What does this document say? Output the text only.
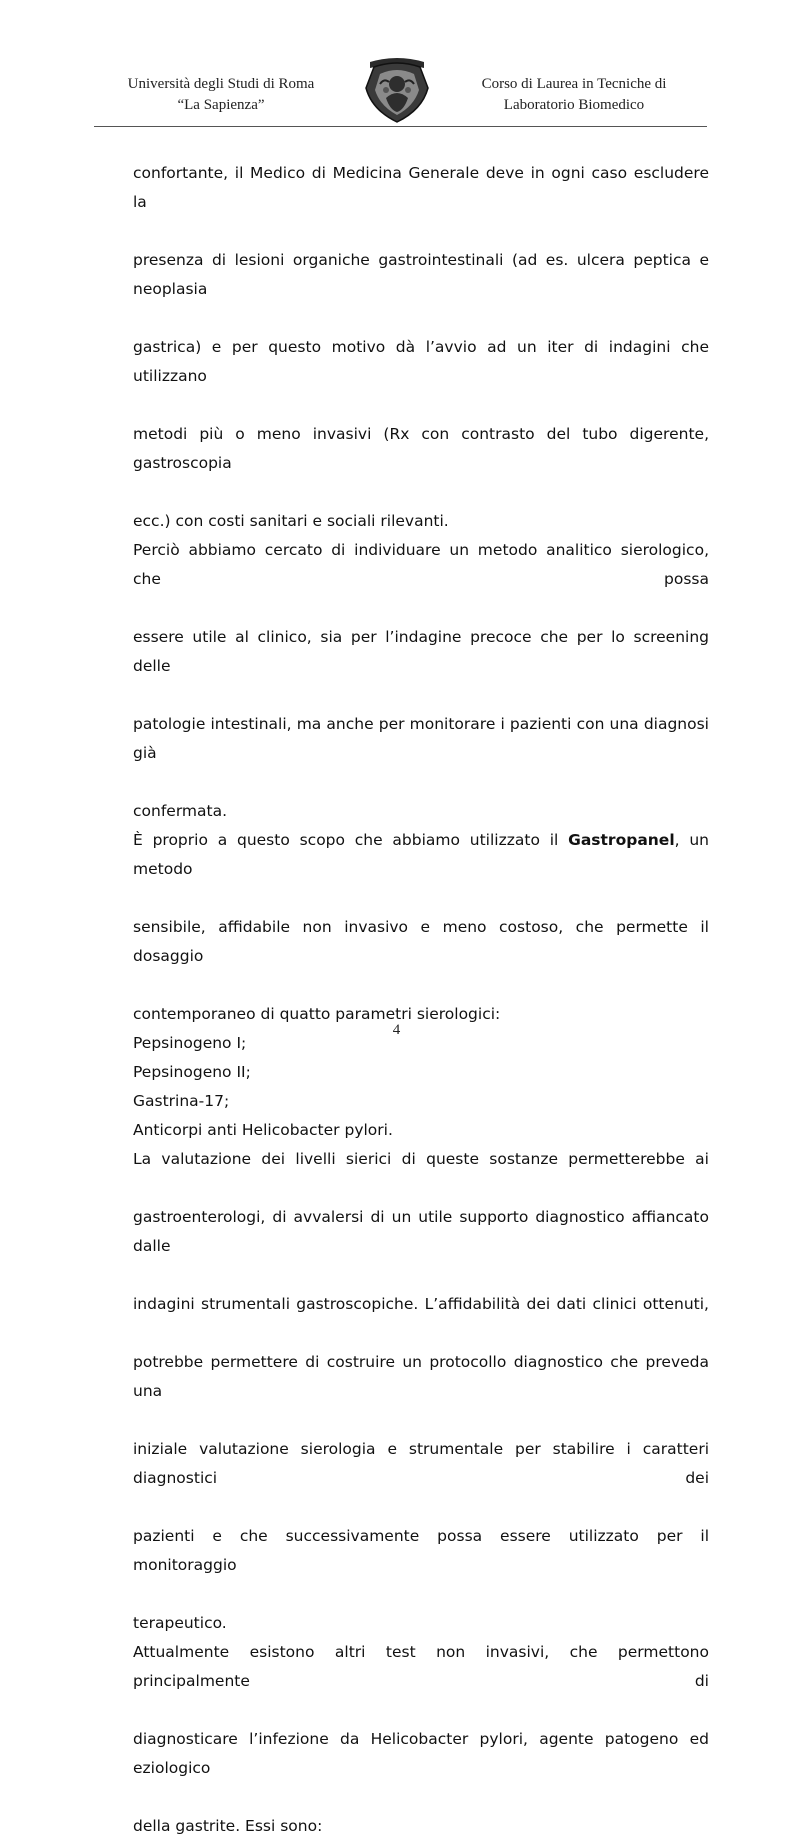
Università degli Studi di Roma
“La Sapienza”
Corso di Laurea in Tecniche di
Laboratorio Biomedico

confortante, il Medico di Medicina Generale deve in ogni caso escludere la

presenza di lesioni organiche gastrointestinali (ad es. ulcera peptica e neoplasia

gastrica) e per questo motivo dà l’avvio ad un iter di indagini che utilizzano

metodi più o meno invasivi (Rx con contrasto del tubo digerente, gastroscopia

ecc.) con costi sanitari e sociali rilevanti.

Perciò abbiamo cercato di individuare un metodo analitico sierologico, che possa

essere utile al clinico, sia per l’indagine precoce che per lo screening delle

patologie intestinali, ma anche per monitorare i pazienti con una diagnosi già

confermata.

È proprio a questo scopo che abbiamo utilizzato il Gastropanel, un metodo

sensibile, affidabile non invasivo e meno costoso, che permette il dosaggio

contemporaneo di quatto parametri sierologici:

Pepsinogeno I;

Pepsinogeno II;

Gastrina-17;

Anticorpi anti Helicobacter pylori.

La valutazione dei livelli sierici di queste sostanze permetterebbe ai

gastroenterologi, di avvalersi di un utile supporto diagnostico affiancato dalle

indagini strumentali gastroscopiche. L’affidabilità dei dati clinici ottenuti,

potrebbe permettere di costruire un protocollo diagnostico che preveda una

iniziale valutazione sierologia e strumentale per stabilire i caratteri diagnostici dei

pazienti e che successivamente possa essere utilizzato per il monitoraggio

terapeutico.

Attualmente esistono altri test non invasivi, che permettono principalmente di

diagnosticare l’infezione da Helicobacter pylori, agente patogeno ed eziologico

della gastrite. Essi sono:

4
